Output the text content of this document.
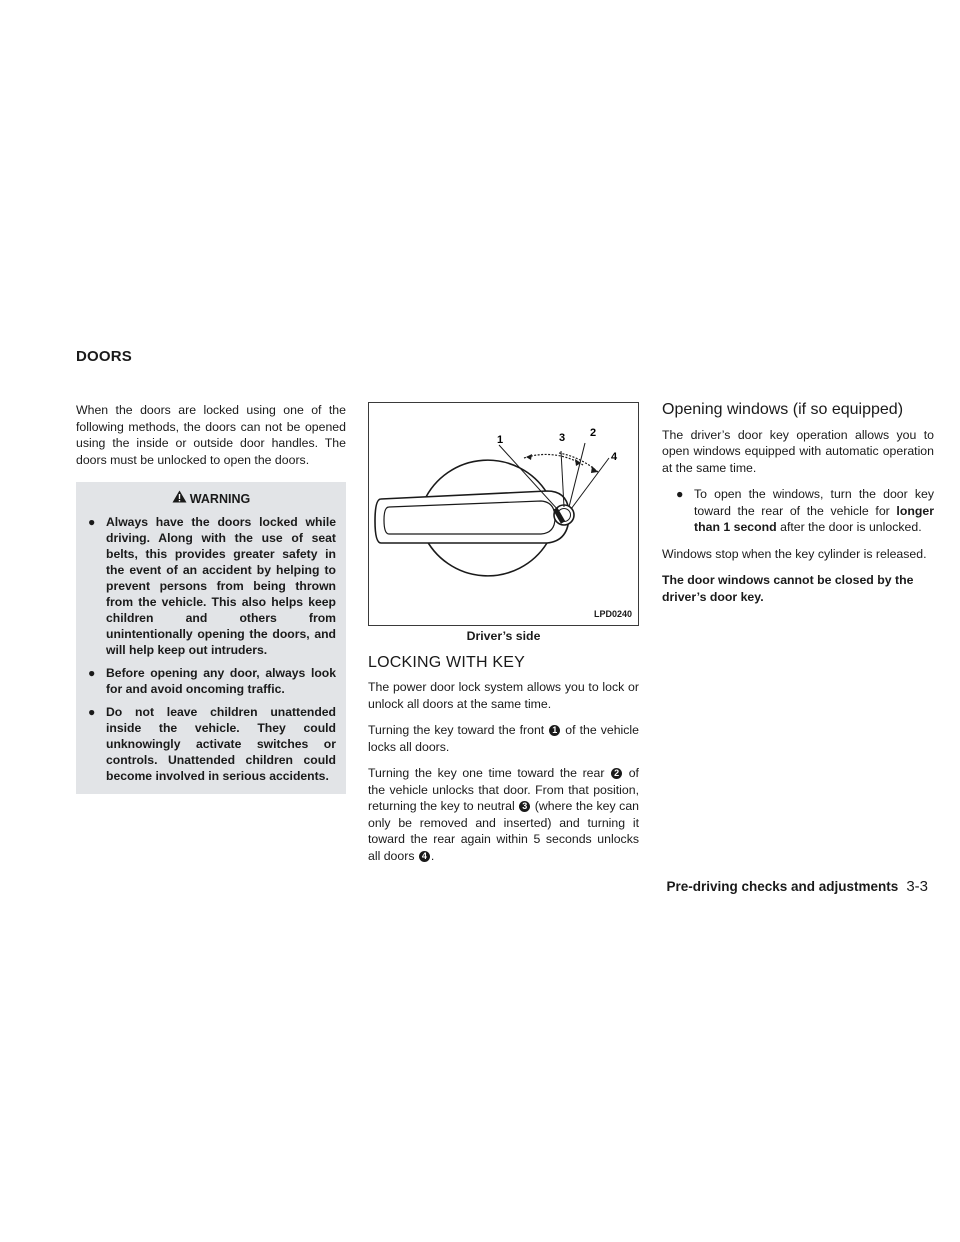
DOORS

When the doors are locked using one of the following methods, the doors can not be opened using the inside or outside door handles. The doors must be unlocked to open the doors.

WARNING
● Always have the doors locked while driving. Along with the use of seat belts, this provides greater safety in the event of an accident by helping to prevent persons from being thrown from the vehicle. This also helps keep children and others from unintentionally opening the doors, and will help keep out intruders.
● Before opening any door, always look for and avoid oncoming traffic.
● Do not leave children unattended inside the vehicle. They could unknowingly activate switches or controls. Unattended children could become involved in serious accidents.
1	3 2
4
LPD0240
Driver’s side
LOCKING WITH KEY

The power door lock system allows you to lock or unlock all doors at the same time.

Turning the key toward the front 1 of the vehicle locks all doors.

Turning the key one time toward the rear 2 of the vehicle unlocks that door. From that position, returning the key to neutral 3 (where the key can only be removed and inserted) and turning it toward the rear again within 5 seconds unlocks all doors 4 .

Opening windows (if so equipped)

The driver’s door key operation allows you to open windows equipped with automatic operation at the same time.

● To open the windows, turn the door key toward the rear of the vehicle for longer than 1 second after the door is unlocked.

Windows stop when the key cylinder is released.

The door windows cannot be closed by the driver’s door key.

Pre-driving checks and adjustments 3-3
